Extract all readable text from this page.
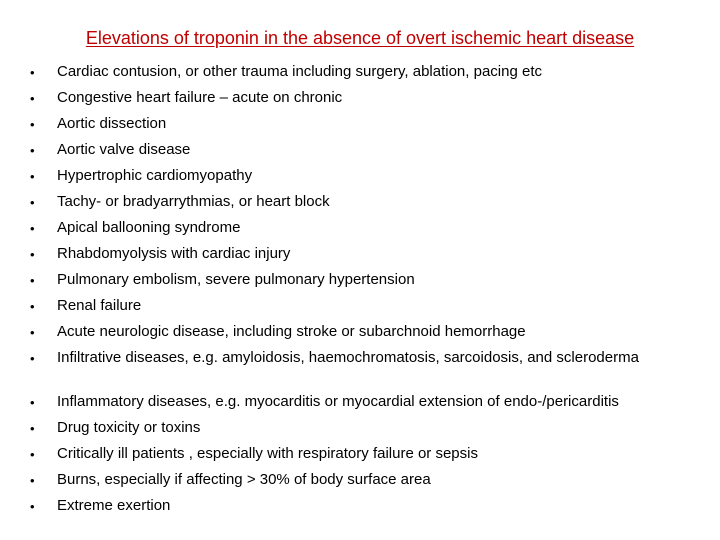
Elevations of troponin in the absence of overt ischemic heart disease
• Cardiac contusion, or other trauma including surgery, ablation, pacing etc
• Congestive heart failure – acute on chronic
• Aortic dissection
• Aortic valve disease
• Hypertrophic cardiomyopathy
• Tachy- or bradyarrythmias, or heart block
• Apical ballooning syndrome
• Rhabdomyolysis with cardiac injury
• Pulmonary embolism, severe pulmonary hypertension
• Renal failure
• Acute neurologic disease, including stroke or subarchnoid hemorrhage
• Infiltrative diseases, e.g. amyloidosis, haemochromatosis, sarcoidosis, and scleroderma
• Inflammatory diseases, e.g. myocarditis or myocardial extension of endo-/pericarditis
• Drug toxicity or toxins
• Critically ill patients , especially with respiratory failure or sepsis
• Burns, especially if affecting > 30% of body surface area
• Extreme exertion
